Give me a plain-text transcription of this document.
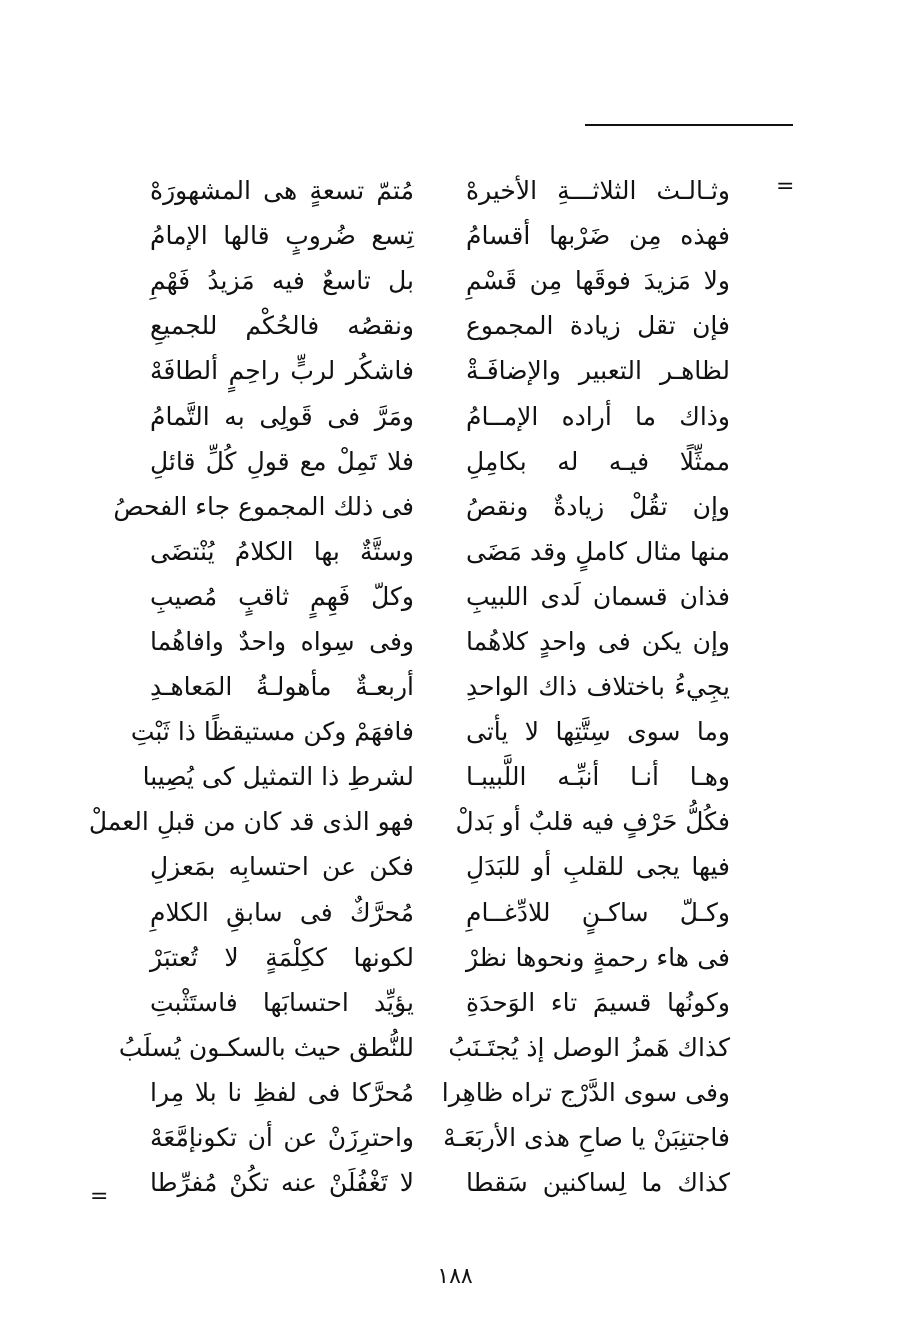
=
=
وثـالـث الثلاثـــةِ الأخيرهْ
مُتمّ تسعةٍ هى المشهورَهْ
فهذه مِن ضَرْبها أقسامُ
تِسع ضُروبٍ قالها الإمامُ
ولا مَزيدَ فوقَها مِن قَسْمِ
بل تاسعٌ فيه مَزيدُ فَهْمِ
فإن تقل زيادة المجموع
ونقصُه فالحُكْم للجميعِ
لظاهـر التعبير والإضافَـةْ
فاشكُر لربٍّ راحِمٍ ألطافَهْ
وذاك ما أراده الإمــامُ
ومَرَّ فى قَولِى به التَّمامُ
ممثِّلًا فيـه له بكامِلِ
فلا تَمِلْ مع قولِ كُلِّ قائلِ
وإن تقُلْ زيادةٌ ونقصُ
فى ذلك المجموع جاء الفحصُ
منها مثال كاملٍ وقد مَضَى
وستَّةٌ بها الكلامُ يُنْتضَى
فذان قسمان لَدى اللبيبِ
وكلّ فَهِمٍ ثاقبٍ مُصيبِ
وإن يكن فى واحدٍ كلاهُما
وفى سِواه واحدٌ وافاهُما
يجِيءُ باختلاف ذاك الواحدِ
أربعـةٌ مأهولـةُ المَعاهـدِ
وما سوى سِتَّتِها لا يأتى
فافهَمْ وكن مستيقظًا ذا ثَبْتِ
وهـا أنـا أنبِّـه اللَّبيبـا
لشرطِ ذا التمثيل كى يُصِيبا
فكُلُّ حَرْفٍ فيه قلبٌ أو بَدلْ
فهو الذى قد كان من قبلِ العملْ
فيها يجى للقلبِ أو للبَدَلِ
فكن عن احتسابِه بمَعزلِ
وكـلّ ساكـنٍ للادِّغــامِ
مُحرَّكٌ فى سابقِ الكلامِ
فى هاء رحمةٍ ونحوها نظرْ
لكونها ككِلْمَةٍ لا تُعتبَرْ
وكونُها قسيمَ تاء الوَحدَةِ
يؤيِّد احتسابَها فاستَثْبتِ
كذاك هَمزُ الوصل إذ يُجتَـنَبُ
للنُّطق حيث بالسكـون يُسلَبُ
وفى سوى الدَّرْج تراه ظاهِرا
مُحرَّكا فى لفظِ نا بلا مِرا
فاجتنِبَنْ يا صاحِ هذى الأربَعَـهْ
واحترِزَنْ عن أن تكونإمَّعَهْ
كذاك ما لِساكنين سَقطا
لا تَغْفُلَنْ عنه تكُنْ مُفرِّطا
١٨٨
